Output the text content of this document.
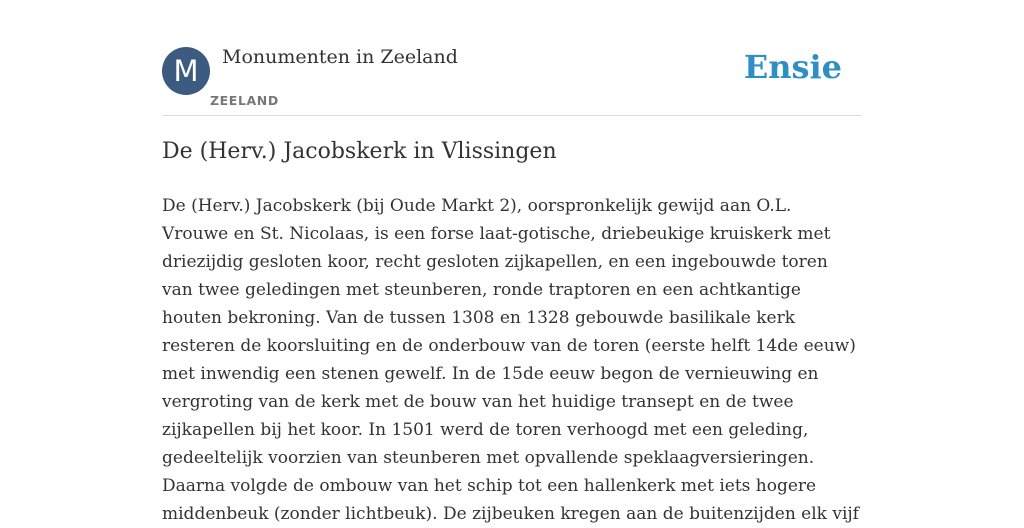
M	Monumenten in Zeeland
ZEELAND
Ensie
De (Herv.) Jacobskerk in Vlissingen

De (Herv.) Jacobskerk (bij Oude Markt 2), oorspronkelijk gewijd aan O.L. Vrouwe en St. Nicolaas, is een forse laat-gotische, driebeukige kruiskerk met driezijdig gesloten koor, recht gesloten zijkapellen, en een ingebouwde toren van twee geledingen met steunberen, ronde traptoren en een achtkantige houten bekroning. Van de tussen 1308 en 1328 gebouwde basilikale kerk resteren de koorsluiting en de onderbouw van de toren (eerste helft 14de eeuw) met inwendig een stenen gewelf. In de 15de eeuw begon de vernieuwing en vergroting van de kerk met de bouw van het huidige transept en de twee zijkapellen bij het koor. In 1501 werd de toren verhoogd met een geleding, gedeeltelijk voorzien van steunberen met opvallende speklaagversieringen. Daarna volgde de ombouw van het schip tot een hallenkerk met iets hogere middenbeuk (zonder lichtbeuk). De zijbeuken kregen aan de buitenzijden elk vijf
